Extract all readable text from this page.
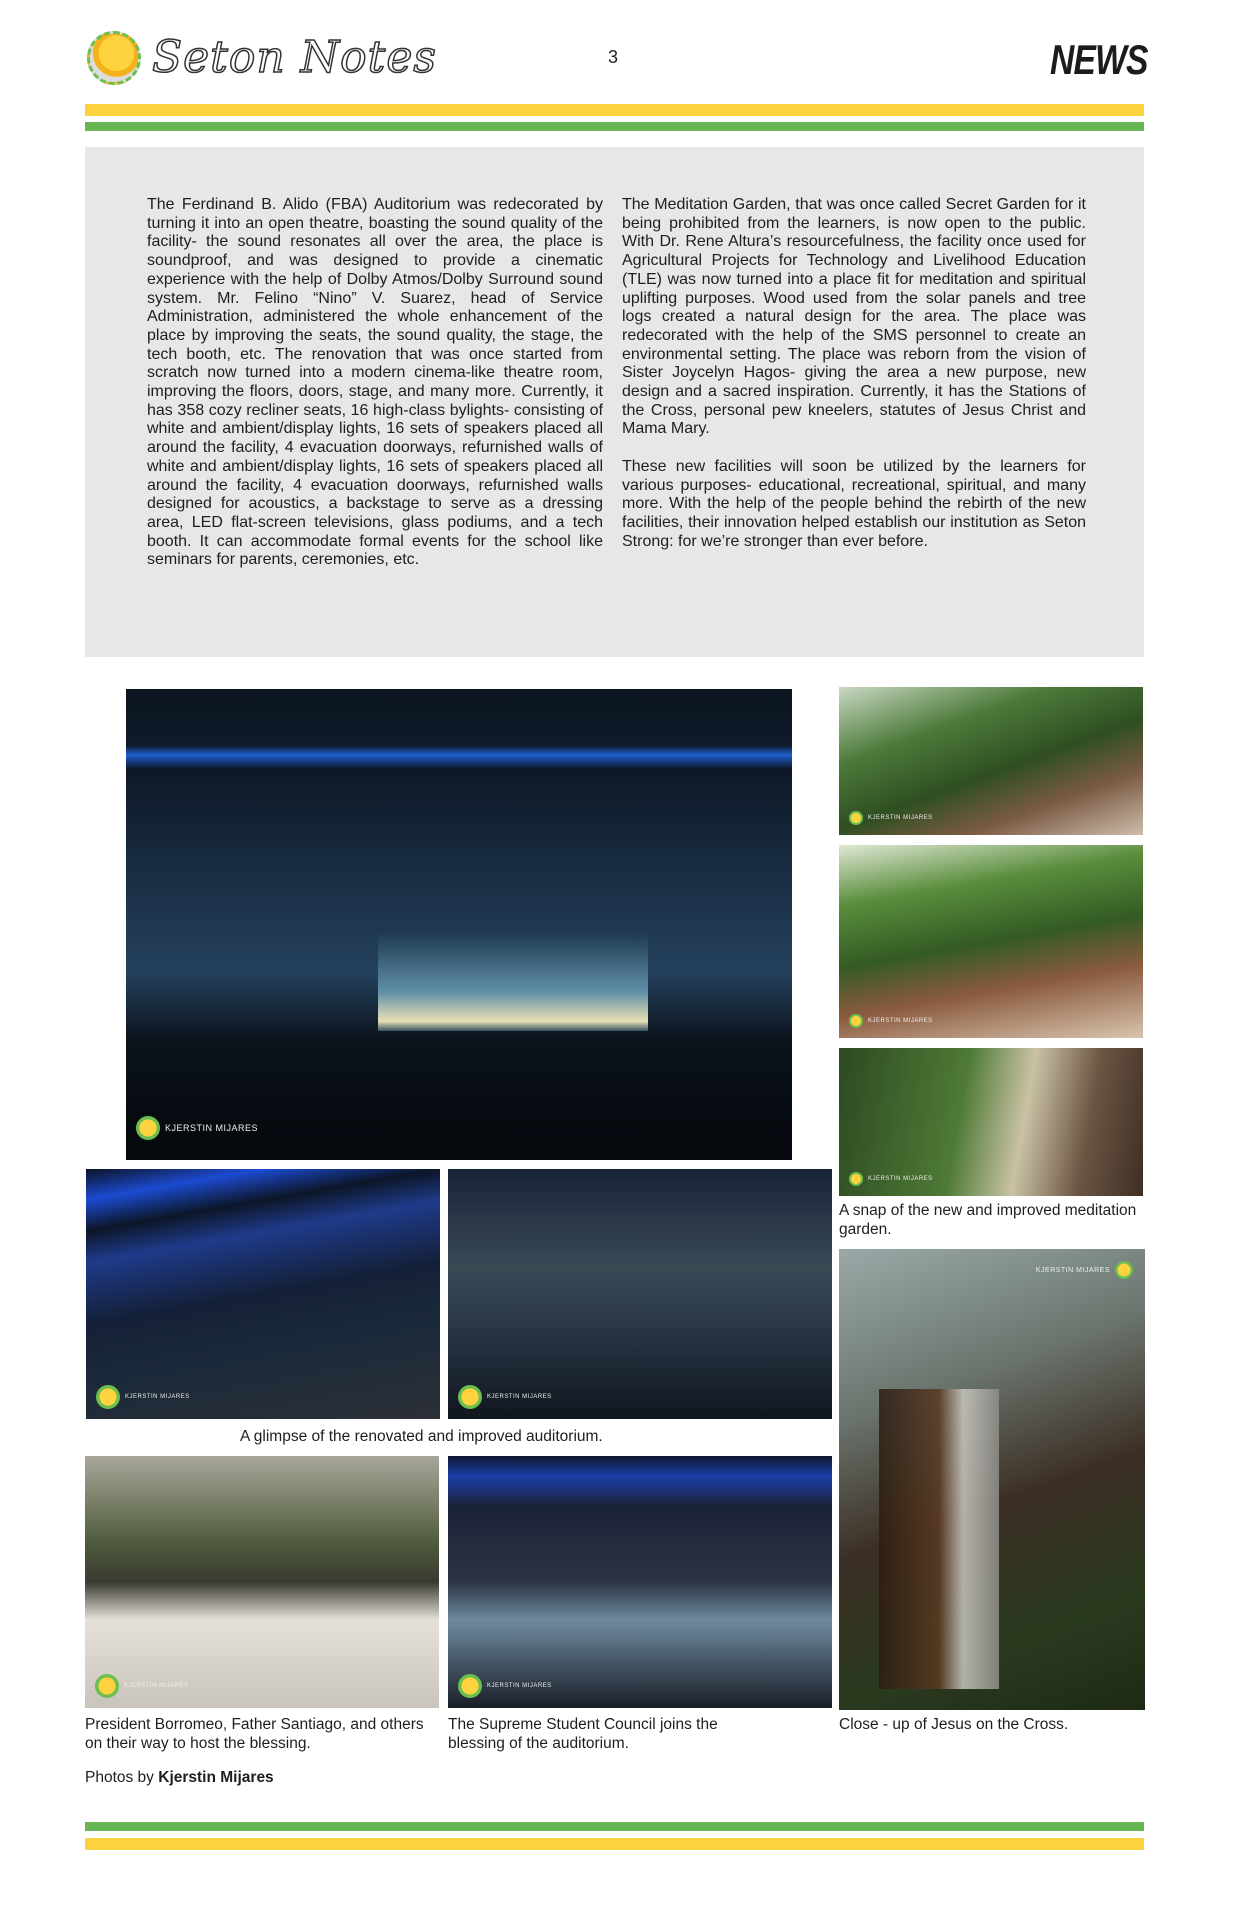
Seton Notes	3	NEWS

The Ferdinand B. Alido (FBA) Auditorium was redecorated by turning it into an open theatre, boasting the sound quality of the facility- the sound resonates all over the area, the place is soundproof, and was designed to provide a cinematic experience with the help of Dolby Atmos/Dolby Surround sound system. Mr. Felino “Nino” V. Suarez, head of Service Administration, administered the whole enhancement of the place by improving the seats, the sound quality, the stage, the tech booth, etc. The renovation that was once started from scratch now turned into a modern cinema-like theatre room, improving the floors, doors, stage, and many more. Currently, it has 358 cozy recliner seats, 16 high-class bylights- consisting of white and ambient/display lights, 16 sets of speakers placed all around the facility, 4 evacuation doorways, refurnished walls of white and ambient/display lights, 16 sets of speakers placed all around the facility, 4 evacuation doorways, refurnished walls designed for acoustics, a backstage to serve as a dressing area, LED flat-screen televisions, glass podiums, and a tech booth. It can accommodate formal events for the school like seminars for parents, ceremonies, etc.

The Meditation Garden, that was once called Secret Garden for it being prohibited from the learners, is now open to the public. With Dr. Rene Altura’s resourcefulness, the facility once used for Agricultural Projects for Technology and Livelihood Education (TLE) was now turned into a place fit for meditation and spiritual uplifting purposes. Wood used from the solar panels and tree logs created a natural design for the area. The place was redecorated with the help of the SMS personnel to create an environmental setting. The place was reborn from the vision of Sister Joycelyn Hagos- giving the area a new purpose, new design and a sacred inspiration. Currently, it has the Stations of the Cross, personal pew kneelers, statutes of Jesus Christ and Mama Mary.

These new facilities will soon be utilized by the learners for various purposes- educational, recreational, spiritual, and many more. With the help of the people behind the rebirth of the new facilities, their innovation helped establish our institution as Seton Strong: for we’re stronger than ever before.

KJERSTIN MIJARES
KJERSTIN MIJARES
KJERSTIN MIJARES
KJERSTIN MIJARES
A snap of the new and improved meditation garden.
KJERSTIN MIJARES
KJERSTIN MIJARES	KJERSTIN MIJARES
A glimpse of the renovated and improved auditorium.
KJERSTIN MIJARES	KJERSTIN MIJARES
President Borromeo, Father Santiago, and others on their way to host the blessing.
The Supreme Student Council joins the blessing of the auditorium.
Close - up of Jesus on the Cross.
Photos by Kjerstin Mijares
